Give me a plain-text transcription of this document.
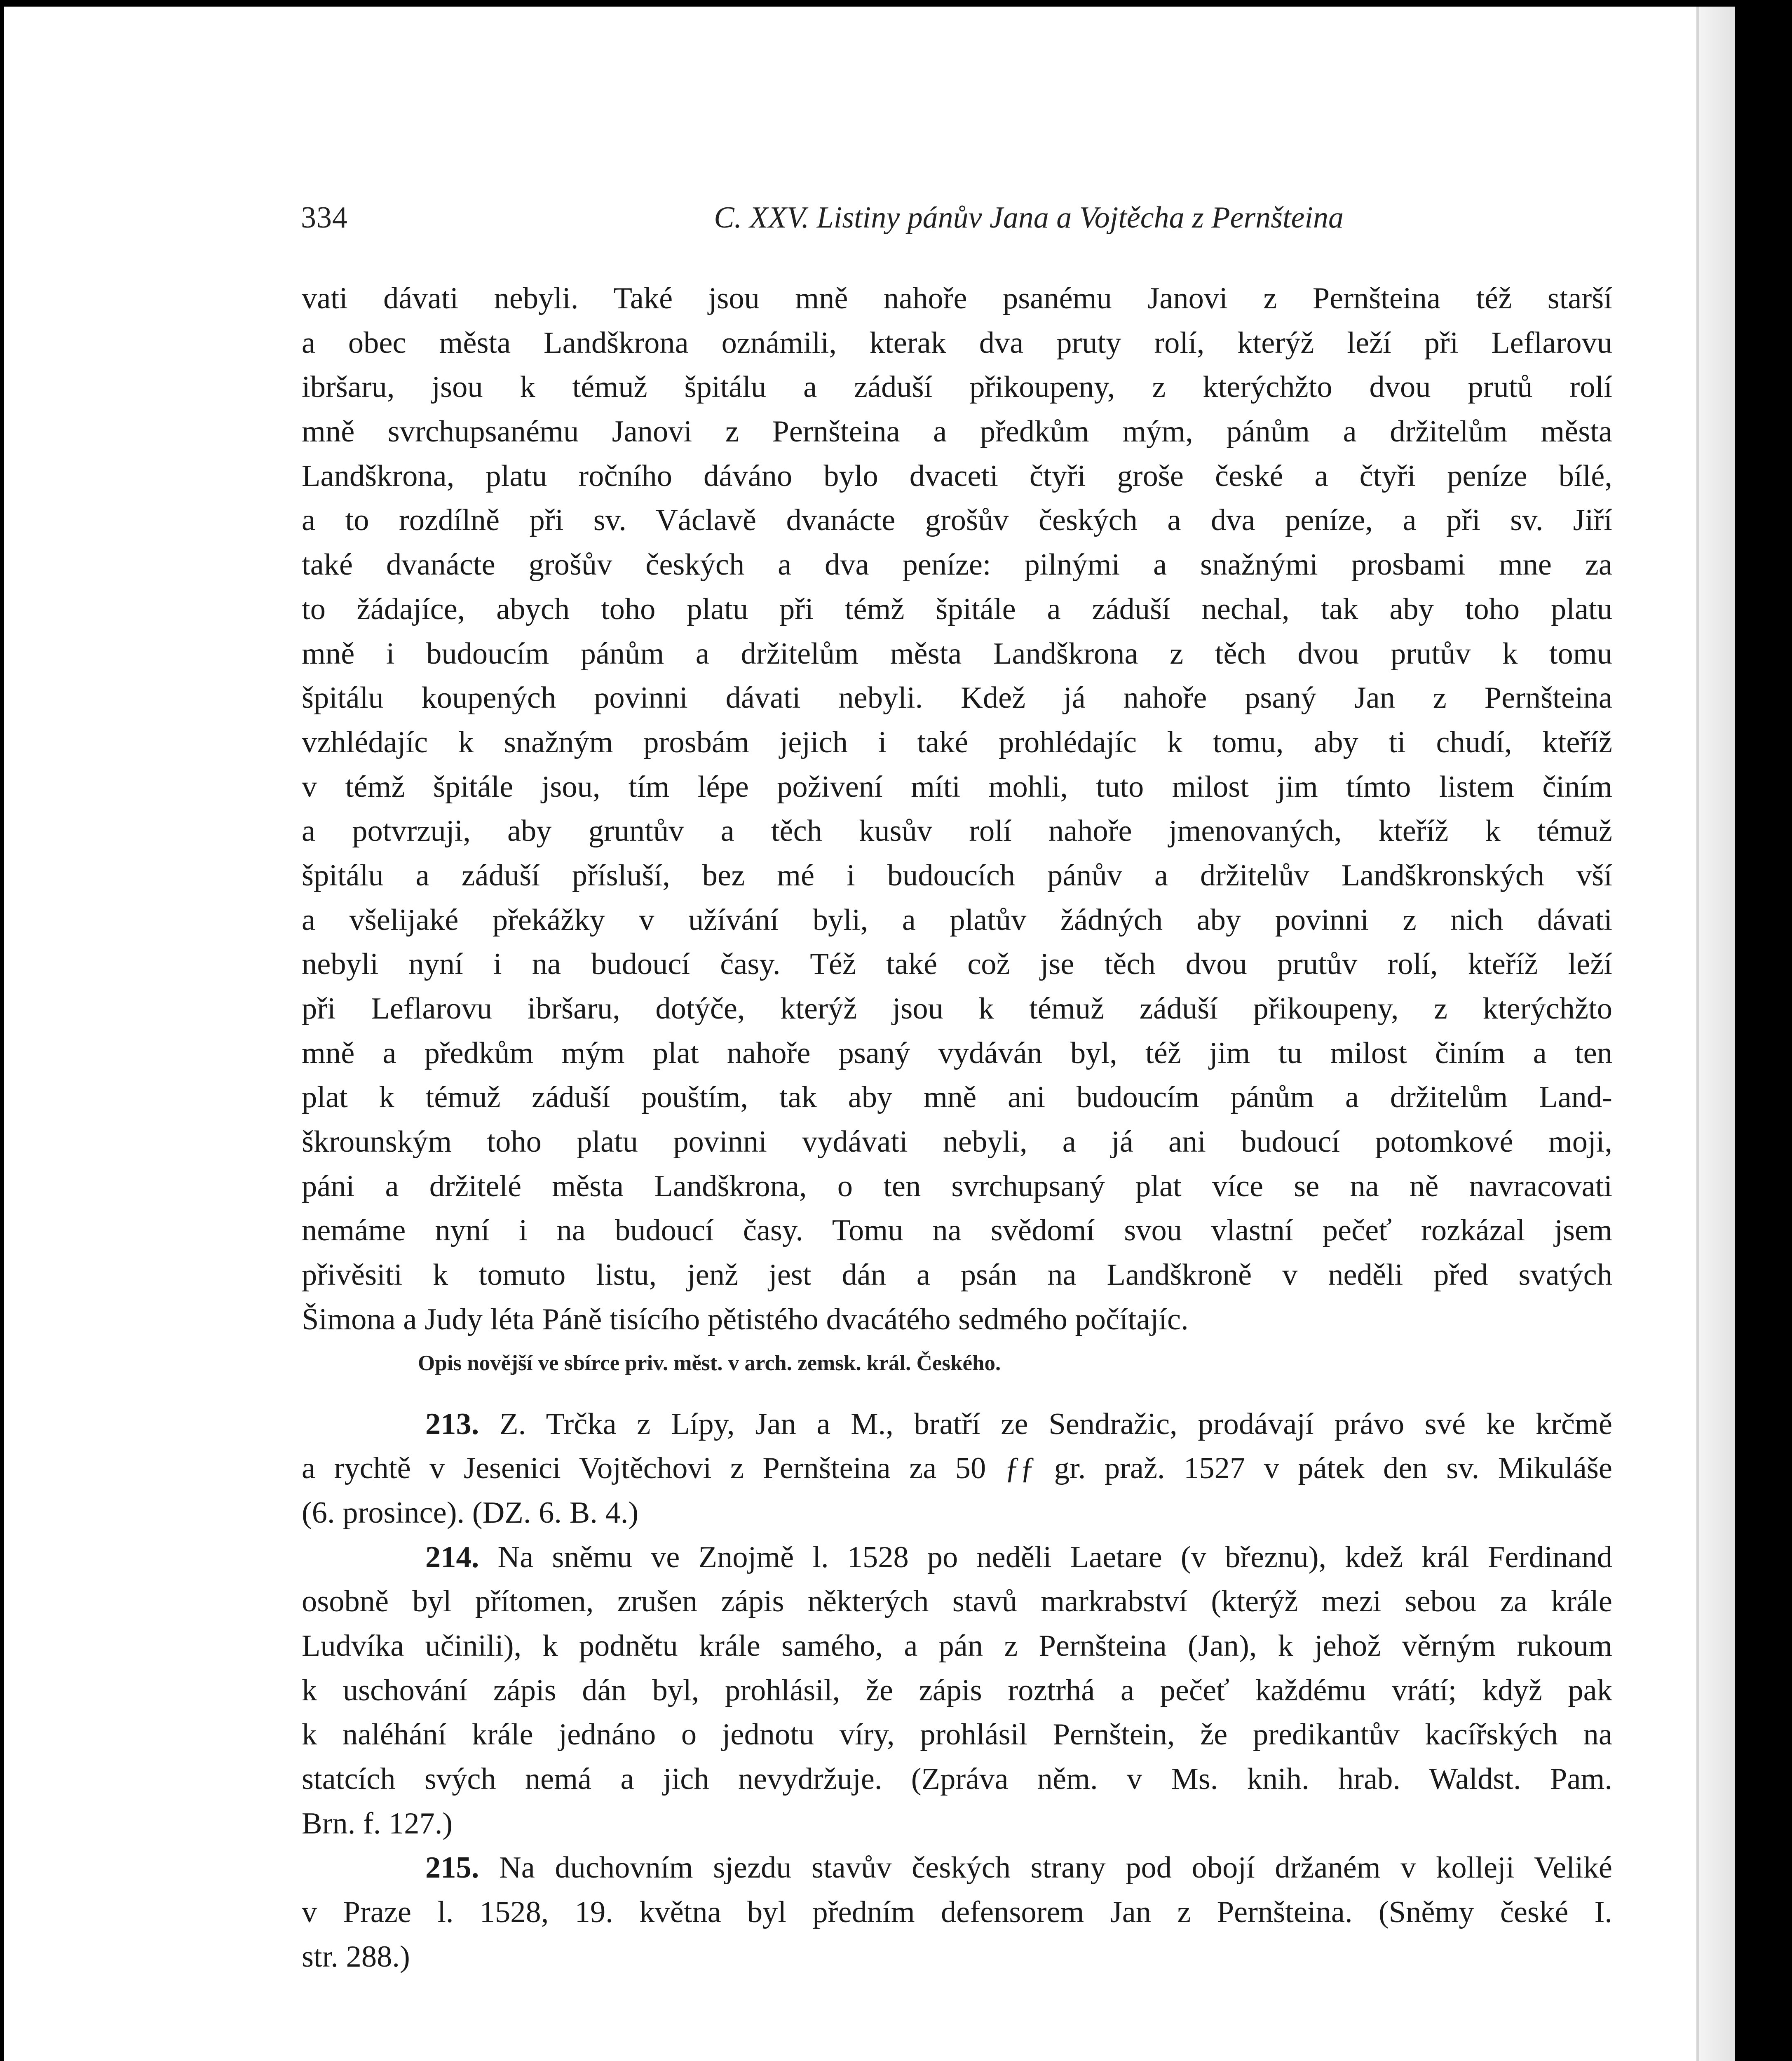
334	C. XXV. Listiny pánův Jana a Vojtěcha z Pernšteina
vati dávati nebyli. Také jsou mně nahoře psanému Janovi z Pernšteina též starší
a obec města Landškrona oznámili, kterak dva pruty rolí, kterýž leží při Leflarovu
ibršaru, jsou k témuž špitálu a záduší přikoupeny, z kterýchžto dvou prutů rolí
mně svrchupsanému Janovi z Pernšteina a předkům mým, pánům a držitelům města
Landškrona, platu ročního dáváno bylo dvaceti čtyři groše české a čtyři peníze bílé,
a to rozdílně při sv. Václavě dvanácte grošův českých a dva peníze, a při sv. Jiří
také dvanácte grošův českých a dva peníze: pilnými a snažnými prosbami mne za
to žádajíce, abych toho platu při témž špitále a záduší nechal, tak aby toho platu
mně i budoucím pánům a držitelům města Landškrona z těch dvou prutův k tomu
špitálu koupených povinni dávati nebyli. Kdež já nahoře psaný Jan z Pernšteina
vzhlédajíc k snažným prosbám jejich i také prohlédajíc k tomu, aby ti chudí, kteříž
v témž špitále jsou, tím lépe poživení míti mohli, tuto milost jim tímto listem činím
a potvrzuji, aby gruntův a těch kusův rolí nahoře jmenovaných, kteříž k témuž
špitálu a záduší přísluší, bez mé i budoucích pánův a držitelův Landškronských vší
a všelijaké překážky v užívání byli, a platův žádných aby povinni z nich dávati
nebyli nyní i na budoucí časy. Též také což jse těch dvou prutův rolí, kteříž leží
při Leflarovu ibršaru, dotýče, kterýž jsou k témuž záduší přikoupeny, z kterýchžto
mně a předkům mým plat nahoře psaný vydáván byl, též jim tu milost činím a ten
plat k témuž záduší pouštím, tak aby mně ani budoucím pánům a držitelům Land-
škrounským toho platu povinni vydávati nebyli, a já ani budoucí potomkové moji,
páni a držitelé města Landškrona, o ten svrchupsaný plat více se na ně navracovati
nemáme nyní i na budoucí časy. Tomu na svědomí svou vlastní pečeť rozkázal jsem
přivěsiti k tomuto listu, jenž jest dán a psán na Landškroně v neděli před svatých
Šimona a Judy léta Páně tisícího pětistého dvacátého sedmého počítajíc.
Opis novější ve sbírce priv. měst. v arch. zemsk. král. Českého.
213. Z. Trčka z Lípy, Jan a M., bratří ze Sendražic, prodávají právo své ke krčmě
a rychtě v Jesenici Vojtěchovi z Pernšteina za 50 ƒƒ gr. praž. 1527 v pátek den sv. Mikuláše
(6. prosince). (DZ. 6. B. 4.)
214. Na sněmu ve Znojmě l. 1528 po neděli Laetare (v březnu), kdež král Ferdinand
osobně byl přítomen, zrušen zápis některých stavů markrabství (kterýž mezi sebou za krále
Ludvíka učinili), k podnětu krále samého, a pán z Pernšteina (Jan), k jehož věrným rukoum
k uschování zápis dán byl, prohlásil, že zápis roztrhá a pečeť každému vrátí; když pak
k naléhání krále jednáno o jednotu víry, prohlásil Pernštein, že predikantův kacířských na
statcích svých nemá a jich nevydržuje. (Zpráva něm. v Ms. knih. hrab. Waldst. Pam.
Brn. f. 127.)
215. Na duchovním sjezdu stavův českých strany pod obojí držaném v kolleji Veliké
v Praze l. 1528, 19. května byl předním defensorem Jan z Pernšteina. (Sněmy české I.
str. 288.)
